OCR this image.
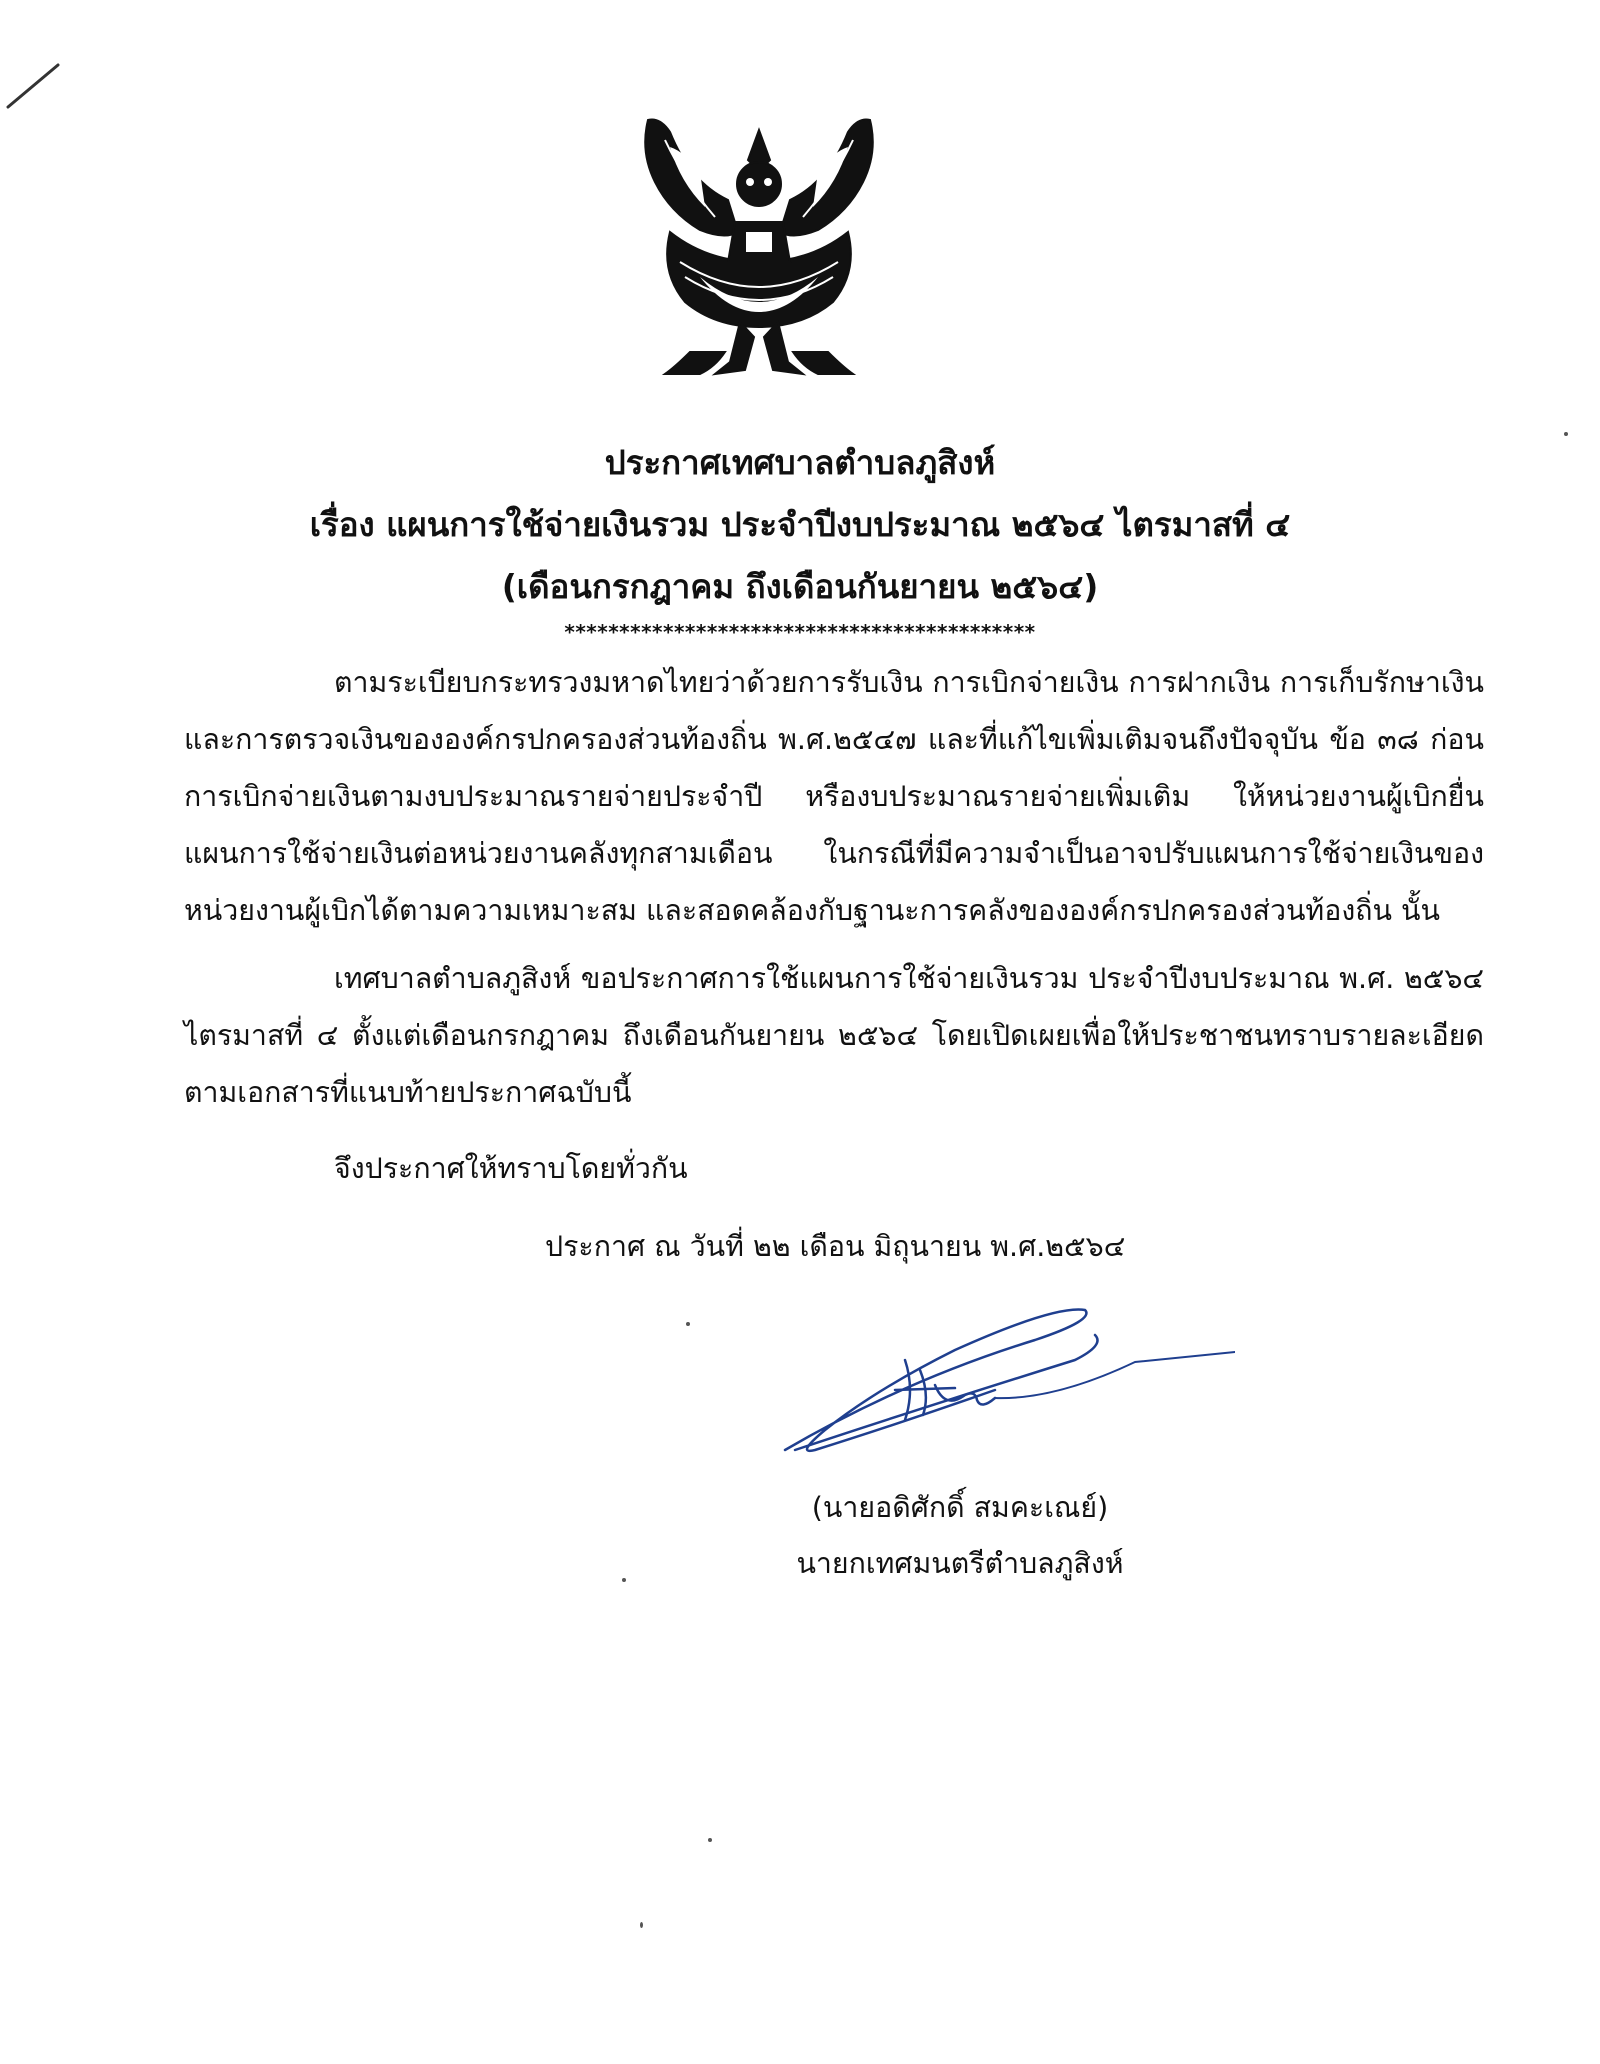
ประกาศเทศบาลตำบลภูสิงห์
เรื่อง แผนการใช้จ่ายเงินรวม ประจำปีงบประมาณ ๒๕๖๔ ไตรมาสที่ ๔
(เดือนกรกฎาคม ถึงเดือนกันยายน ๒๕๖๔)
*******************************************
ตามระเบียบกระทรวงมหาดไทยว่าด้วยการรับเงิน การเบิกจ่ายเงิน การฝากเงิน การเก็บรักษาเงินและการตรวจเงินขององค์กรปกครองส่วนท้องถิ่น พ.ศ.๒๕๔๗ และที่แก้ไขเพิ่มเติมจนถึงปัจจุบัน ข้อ ๓๘ ก่อนการเบิกจ่ายเงินตามงบประมาณรายจ่ายประจำปี หรืองบประมาณรายจ่ายเพิ่มเติม ให้หน่วยงานผู้เบิกยื่นแผนการใช้จ่ายเงินต่อหน่วยงานคลังทุกสามเดือน ในกรณีที่มีความจำเป็นอาจปรับแผนการใช้จ่ายเงินของหน่วยงานผู้เบิกได้ตามความเหมาะสม และสอดคล้องกับฐานะการคลังขององค์กรปกครองส่วนท้องถิ่น นั้น
เทศบาลตำบลภูสิงห์ ขอประกาศการใช้แผนการใช้จ่ายเงินรวม ประจำปีงบประมาณ พ.ศ. ๒๕๖๔ ไตรมาสที่ ๔ ตั้งแต่เดือนกรกฎาคม ถึงเดือนกันยายน ๒๕๖๔ โดยเปิดเผยเพื่อให้ประชาชนทราบรายละเอียดตามเอกสารที่แนบท้ายประกาศฉบับนี้
จึงประกาศให้ทราบโดยทั่วกัน
ประกาศ ณ วันที่ ๒๒ เดือน มิถุนายน พ.ศ.๒๕๖๔
(นายอดิศักดิ์ สมคะเณย์)
นายกเทศมนตรีตำบลภูสิงห์
